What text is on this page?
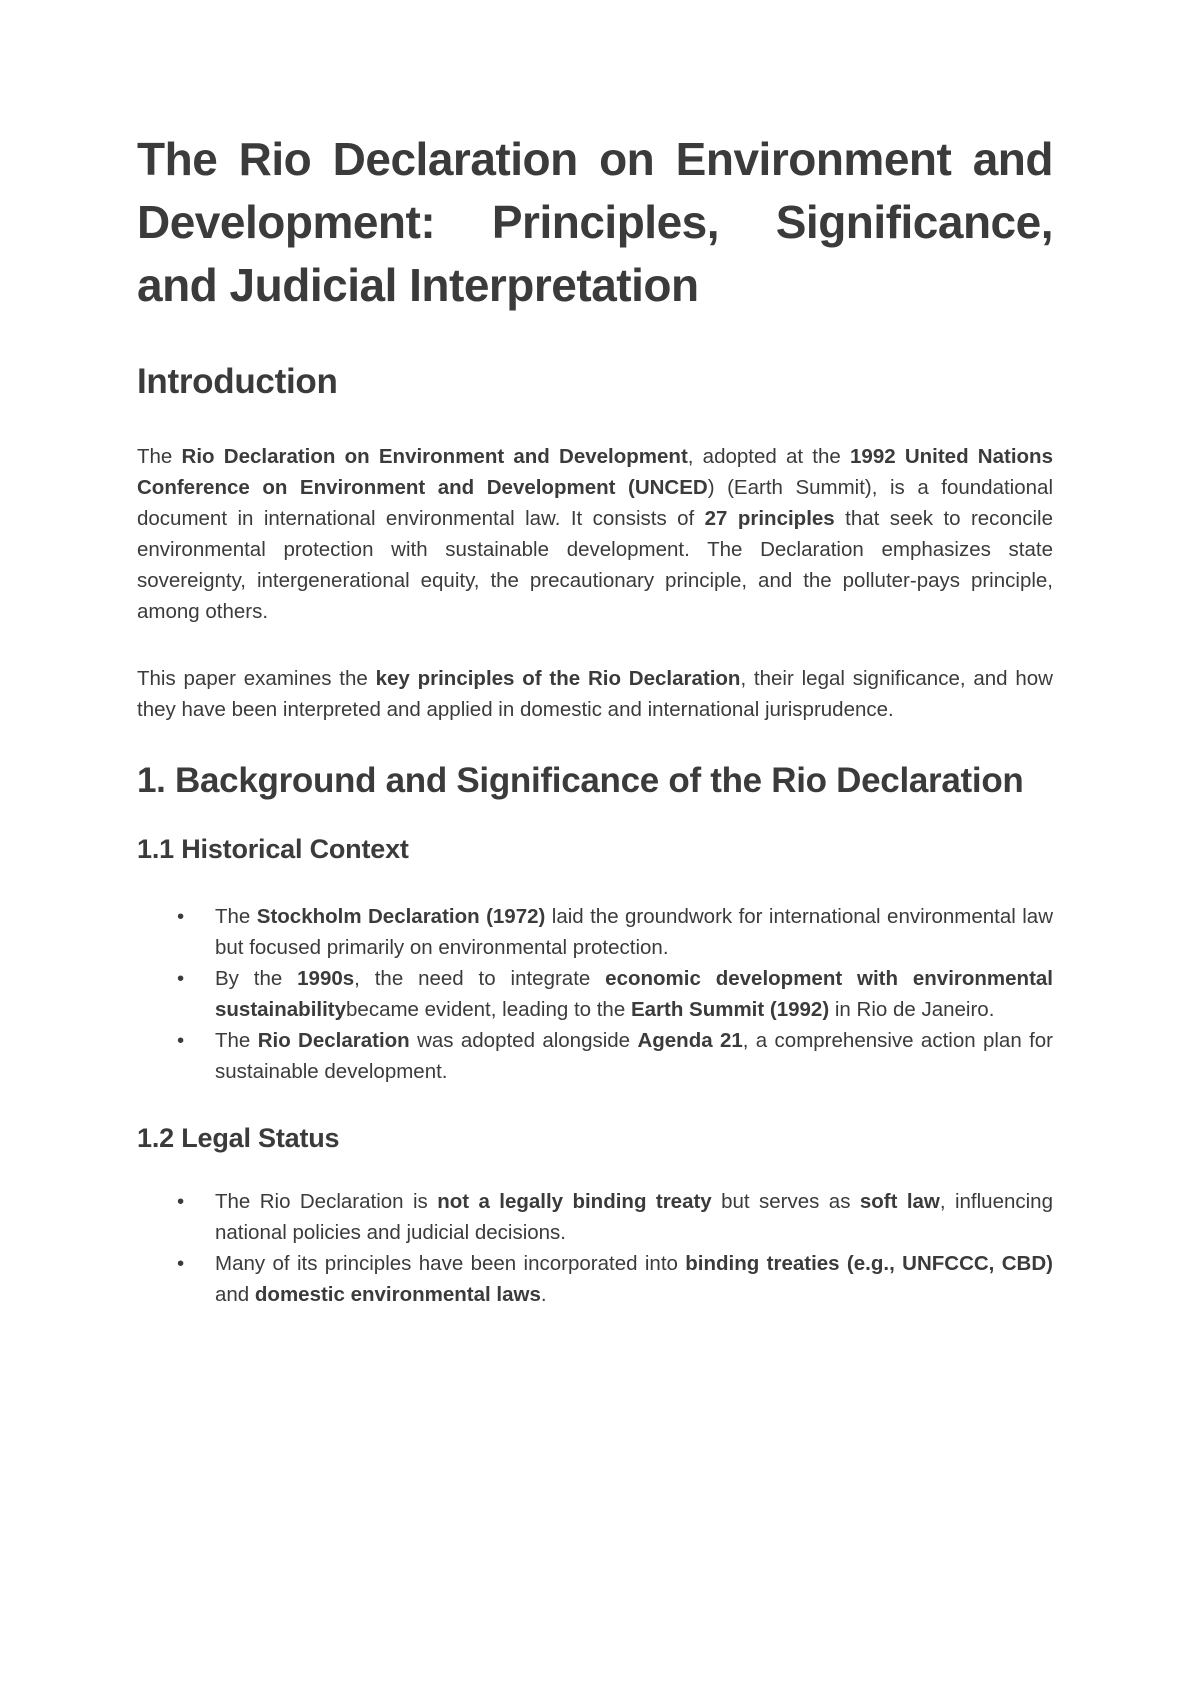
The Rio Declaration on Environment and
Development: Principles, Significance,
and Judicial Interpretation
Introduction

The Rio Declaration on Environment and Development, adopted at the 1992 United Nations Conference on Environment and Development (UNCED) (Earth Summit), is a foundational document in international environmental law. It consists of 27 principles that seek to reconcile environmental protection with sustainable development. The Declaration emphasizes state sovereignty, intergenerational equity, the precautionary principle, and the polluter-pays principle, among others.

This paper examines the key principles of the Rio Declaration, their legal significance, and how they have been interpreted and applied in domestic and international jurisprudence.

1. Background and Significance of the Rio Declaration
1.1 Historical Context
• The Stockholm Declaration (1972) laid the groundwork for international environmental law but focused primarily on environmental protection.
• By the 1990s, the need to integrate economic development with environmental sustainabilitybecame evident, leading to the Earth Summit (1992) in Rio de Janeiro.
• The Rio Declaration was adopted alongside Agenda 21, a comprehensive action plan for sustainable development.
1.2 Legal Status
• The Rio Declaration is not a legally binding treaty but serves as soft law, influencing national policies and judicial decisions.
• Many of its principles have been incorporated into binding treaties (e.g., UNFCCC, CBD) and domestic environmental laws.
